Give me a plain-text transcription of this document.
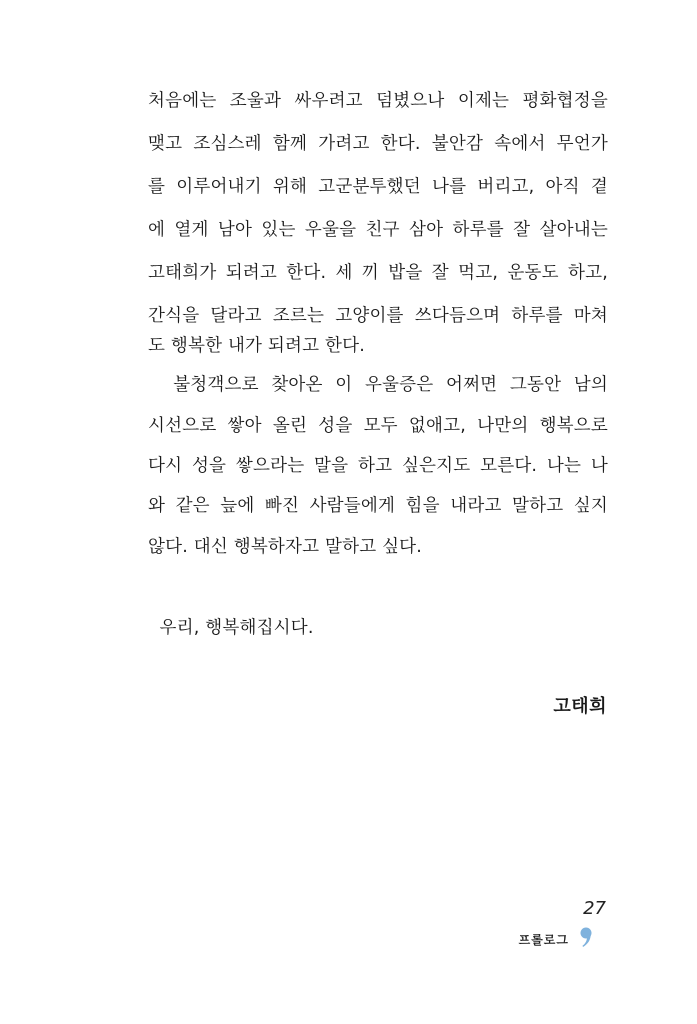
처음에는 조울과 싸우려고 덤볐으나 이제는 평화협정을
맺고 조심스레 함께 가려고 한다. 불안감 속에서 무언가
를 이루어내기 위해 고군분투했던 나를 버리고, 아직 곁
에 열게 남아 있는 우울을 친구 삼아 하루를 잘 살아내는
고태희가 되려고 한다. 세 끼 밥을 잘 먹고, 운동도 하고,
간식을 달라고 조르는 고양이를 쓰다듬으며 하루를 마쳐
도 행복한 내가 되려고 한다.
불청객으로 찾아온 이 우울증은 어쩌면 그동안 남의
시선으로 쌓아 올린 성을 모두 없애고, 나만의 행복으로
다시 성을 쌓으라는 말을 하고 싶은지도 모른다. 나는 나
와 같은 늪에 빠진 사람들에게 힘을 내라고 말하고 싶지
않다. 대신 행복하자고 말하고 싶다.
우리, 행복해집시다.
고태희
27
프롤로그
